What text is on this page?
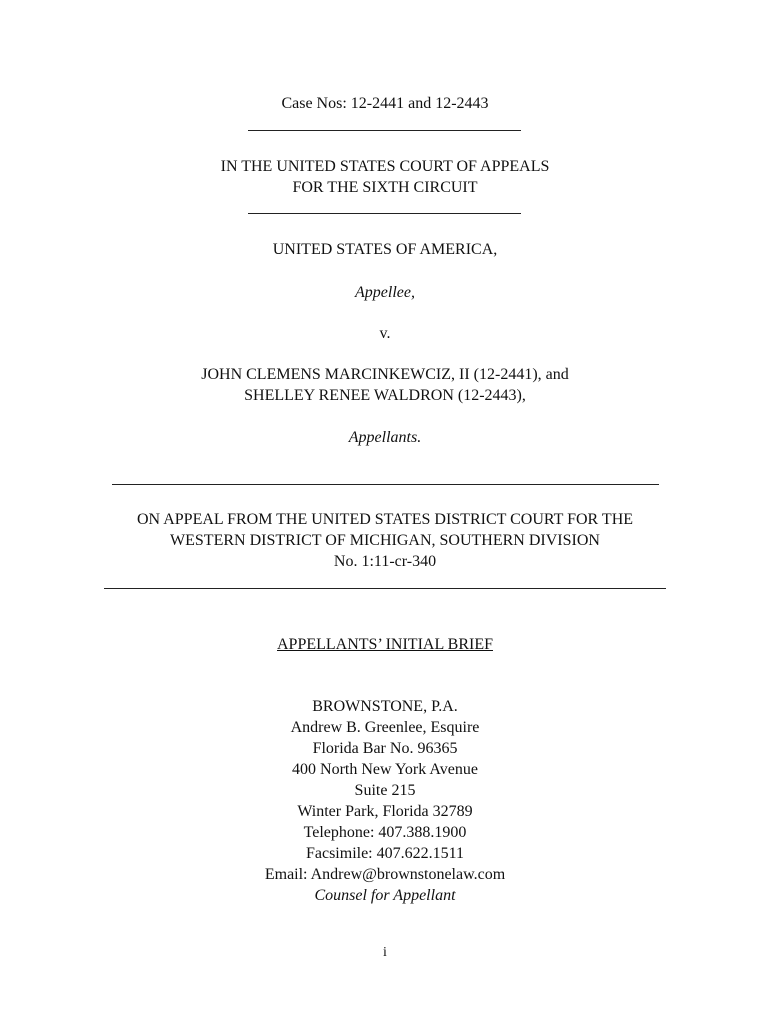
Case Nos: 12-2441 and 12-2443
IN THE UNITED STATES COURT OF APPEALS
FOR THE SIXTH CIRCUIT
UNITED STATES OF AMERICA,
Appellee,
v.
JOHN CLEMENS MARCINKEWCIZ, II (12-2441), and
SHELLEY RENEE WALDRON (12-2443),
Appellants.
ON APPEAL FROM THE UNITED STATES DISTRICT COURT FOR THE
WESTERN DISTRICT OF MICHIGAN, SOUTHERN DIVISION
No. 1:11-cr-340
APPELLANTS’ INITIAL BRIEF
BROWNSTONE, P.A.
Andrew B. Greenlee, Esquire
Florida Bar No. 96365
400 North New York Avenue
Suite 215
Winter Park, Florida 32789
Telephone: 407.388.1900
Facsimile: 407.622.1511
Email: Andrew@brownstonelaw.com
Counsel for Appellant
i
